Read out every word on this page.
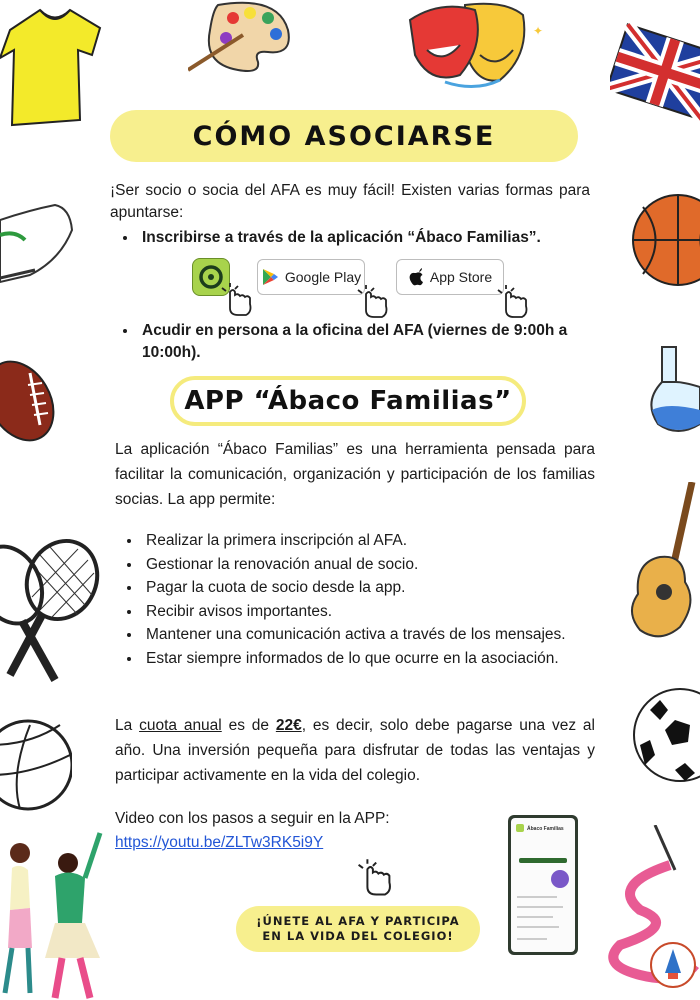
✦
CÓMO ASOCIARSE

¡Ser socio o socia del AFA es muy fácil! Existen varias formas para apuntarse:

• Inscribirse a través de la aplicación “Ábaco Familias”.
Google Play	App Store
• Acudir en persona a la oficina del AFA (viernes de 9:00h a 10:00h).
APP “Ábaco Familias”

La aplicación “Ábaco Familias” es una herramienta pensada para facilitar la comunicación, organización y participación de los familias socias. La app permite:

• Realizar la primera inscripción al AFA.
• Gestionar la renovación anual de socio.
• Pagar la cuota de socio desde la app.
• Recibir avisos importantes.
• Mantener una comunicación activa a través de los mensajes.
• Estar siempre informados de lo que ocurre en la asociación.

La cuota anual es de 22€, es decir, solo debe pagarse una vez al año. Una inversión pequeña para disfrutar de todas las ventajas y participar activamente en la vida del colegio.

Video con los pasos a seguir en la APP:

https://youtu.be/ZLTw3RK5i9Y
¡ÚNETE AL AFA Y PARTICIPA
EN LA VIDA DEL COLEGIO!
Ábaco Familias
